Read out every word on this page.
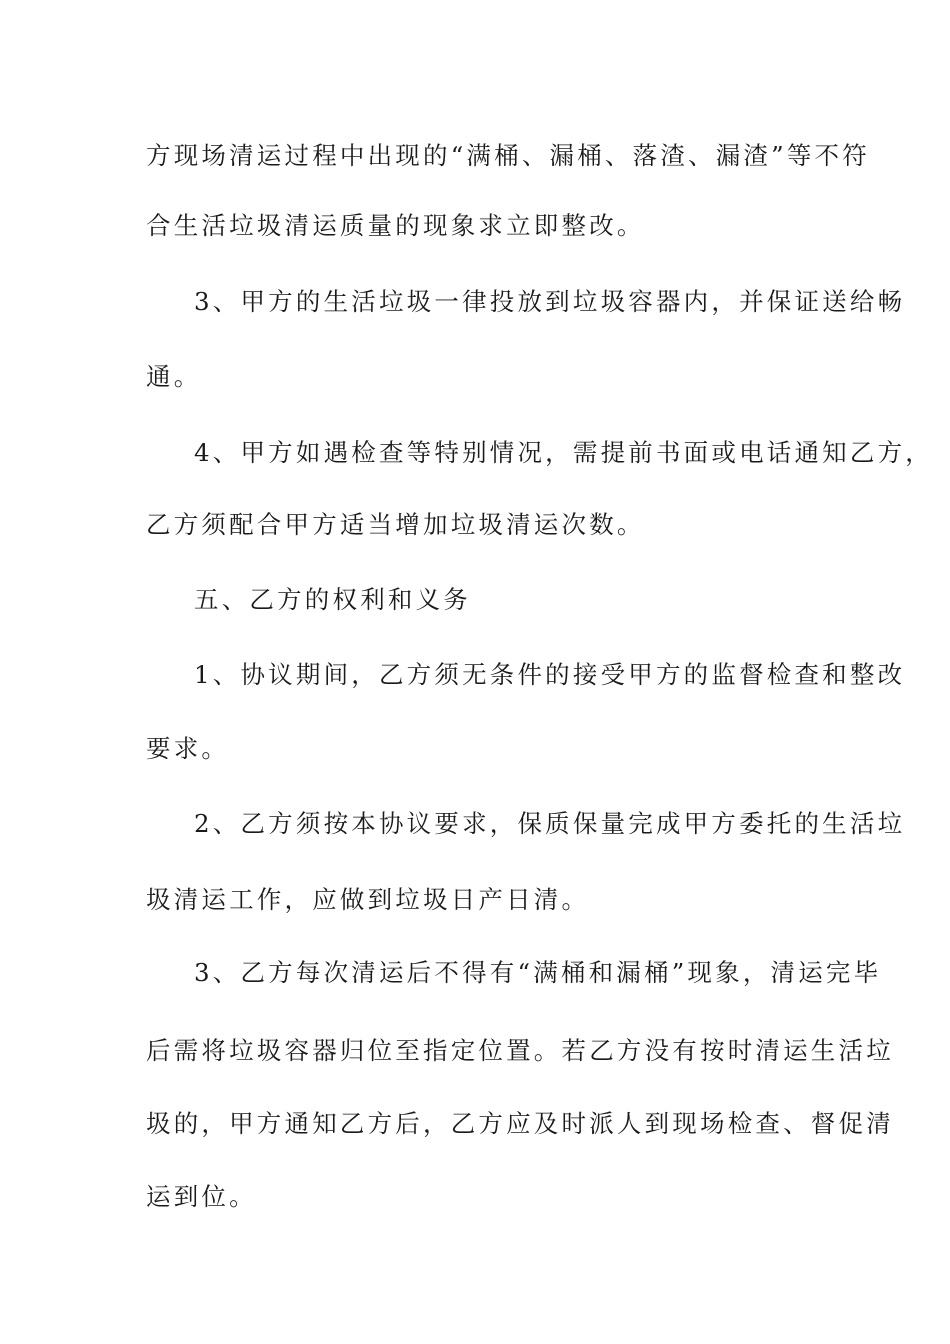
方现场清运过程中出现的“满桶、漏桶、落渣、漏渣”等不符
合生活垃圾清运质量的现象求立即整改。
3、甲方的生活垃圾一律投放到垃圾容器内，并保证送给畅
通。
4、甲方如遇检查等特别情况，需提前书面或电话通知乙方，
乙方须配合甲方适当增加垃圾清运次数。
五、乙方的权利和义务
1、协议期间，乙方须无条件的接受甲方的监督检查和整改
要求。
2、乙方须按本协议要求，保质保量完成甲方委托的生活垃
圾清运工作，应做到垃圾日产日清。
3、乙方每次清运后不得有“满桶和漏桶”现象，清运完毕
后需将垃圾容器归位至指定位置。若乙方没有按时清运生活垃
圾的，甲方通知乙方后，乙方应及时派人到现场检查、督促清
运到位。
